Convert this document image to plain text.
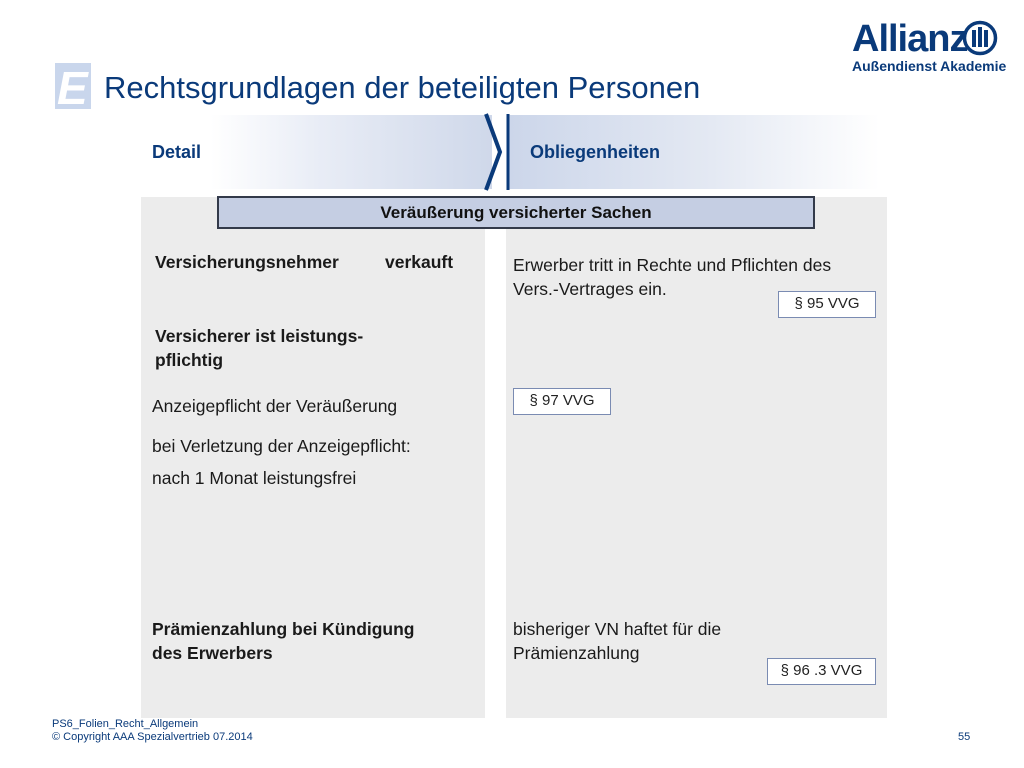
Allianz
Außendienst Akademie
E Rechtsgrundlagen der beteiligten Personen
Detail	Obliegenheiten
Veräußerung versicherter Sachen
Versicherungsnehmer	verkauft
Versicherer ist leistungs-
pflichtig
Anzeigepflicht der Veräußerung
bei Verletzung der Anzeigepflicht:
nach 1 Monat leistungsfrei
Prämienzahlung bei Kündigung
des Erwerbers
Erwerber tritt in Rechte und Pflichten des
Vers.-Vertrages ein.
§ 95 VVG
§ 97 VVG
bisheriger VN haftet für die
Prämienzahlung
§ 96 .3 VVG
PS6_Folien_Recht_Allgemein
© Copyright AAA Spezialvertrieb 07.2014	55
